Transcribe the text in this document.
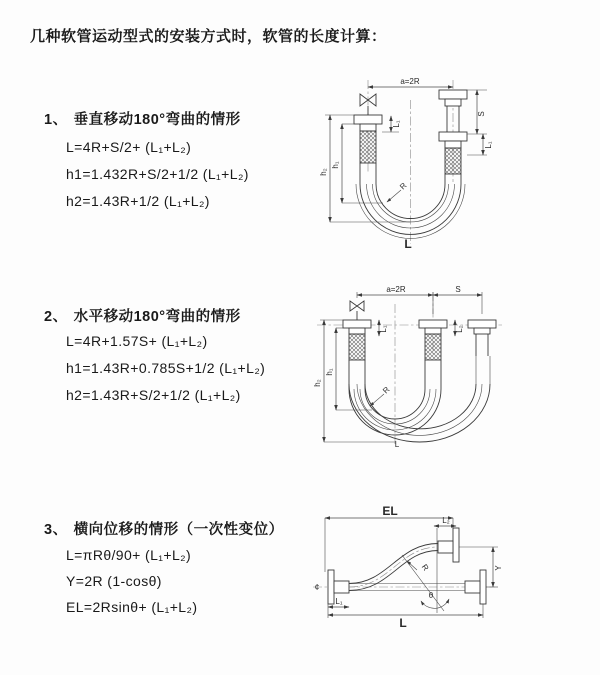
几种软管运动型式的安装方式时，软管的长度计算：
1、 垂直移动180°弯曲的情形
L=4R+S/2+ (L₁+L₂)
h1=1.432R+S/2+1/2 (L₁+L₂)
h2=1.43R+1/2 (L₁+L₂)
2、 水平移动180°弯曲的情形
L=4R+1.57S+ (L₁+L₂)
h1=1.43R+0.785S+1/2 (L₁+L₂)
h2=1.43R+S/2+1/2 (L₁+L₂)
3、 横向位移的情形（一次性变位）
L=πRθ/90+ (L₁+L₂)
Y=2R (1-cosθ)
EL=2Rsinθ+ (L₁+L₂)
a=2R
R
S
L₁
L₁
h₂
h₁
L
a=2R	S
R
L₁	L₂
h₂
h₁
L
¢
EL
L₂
R
θ
Y
L₁
L
